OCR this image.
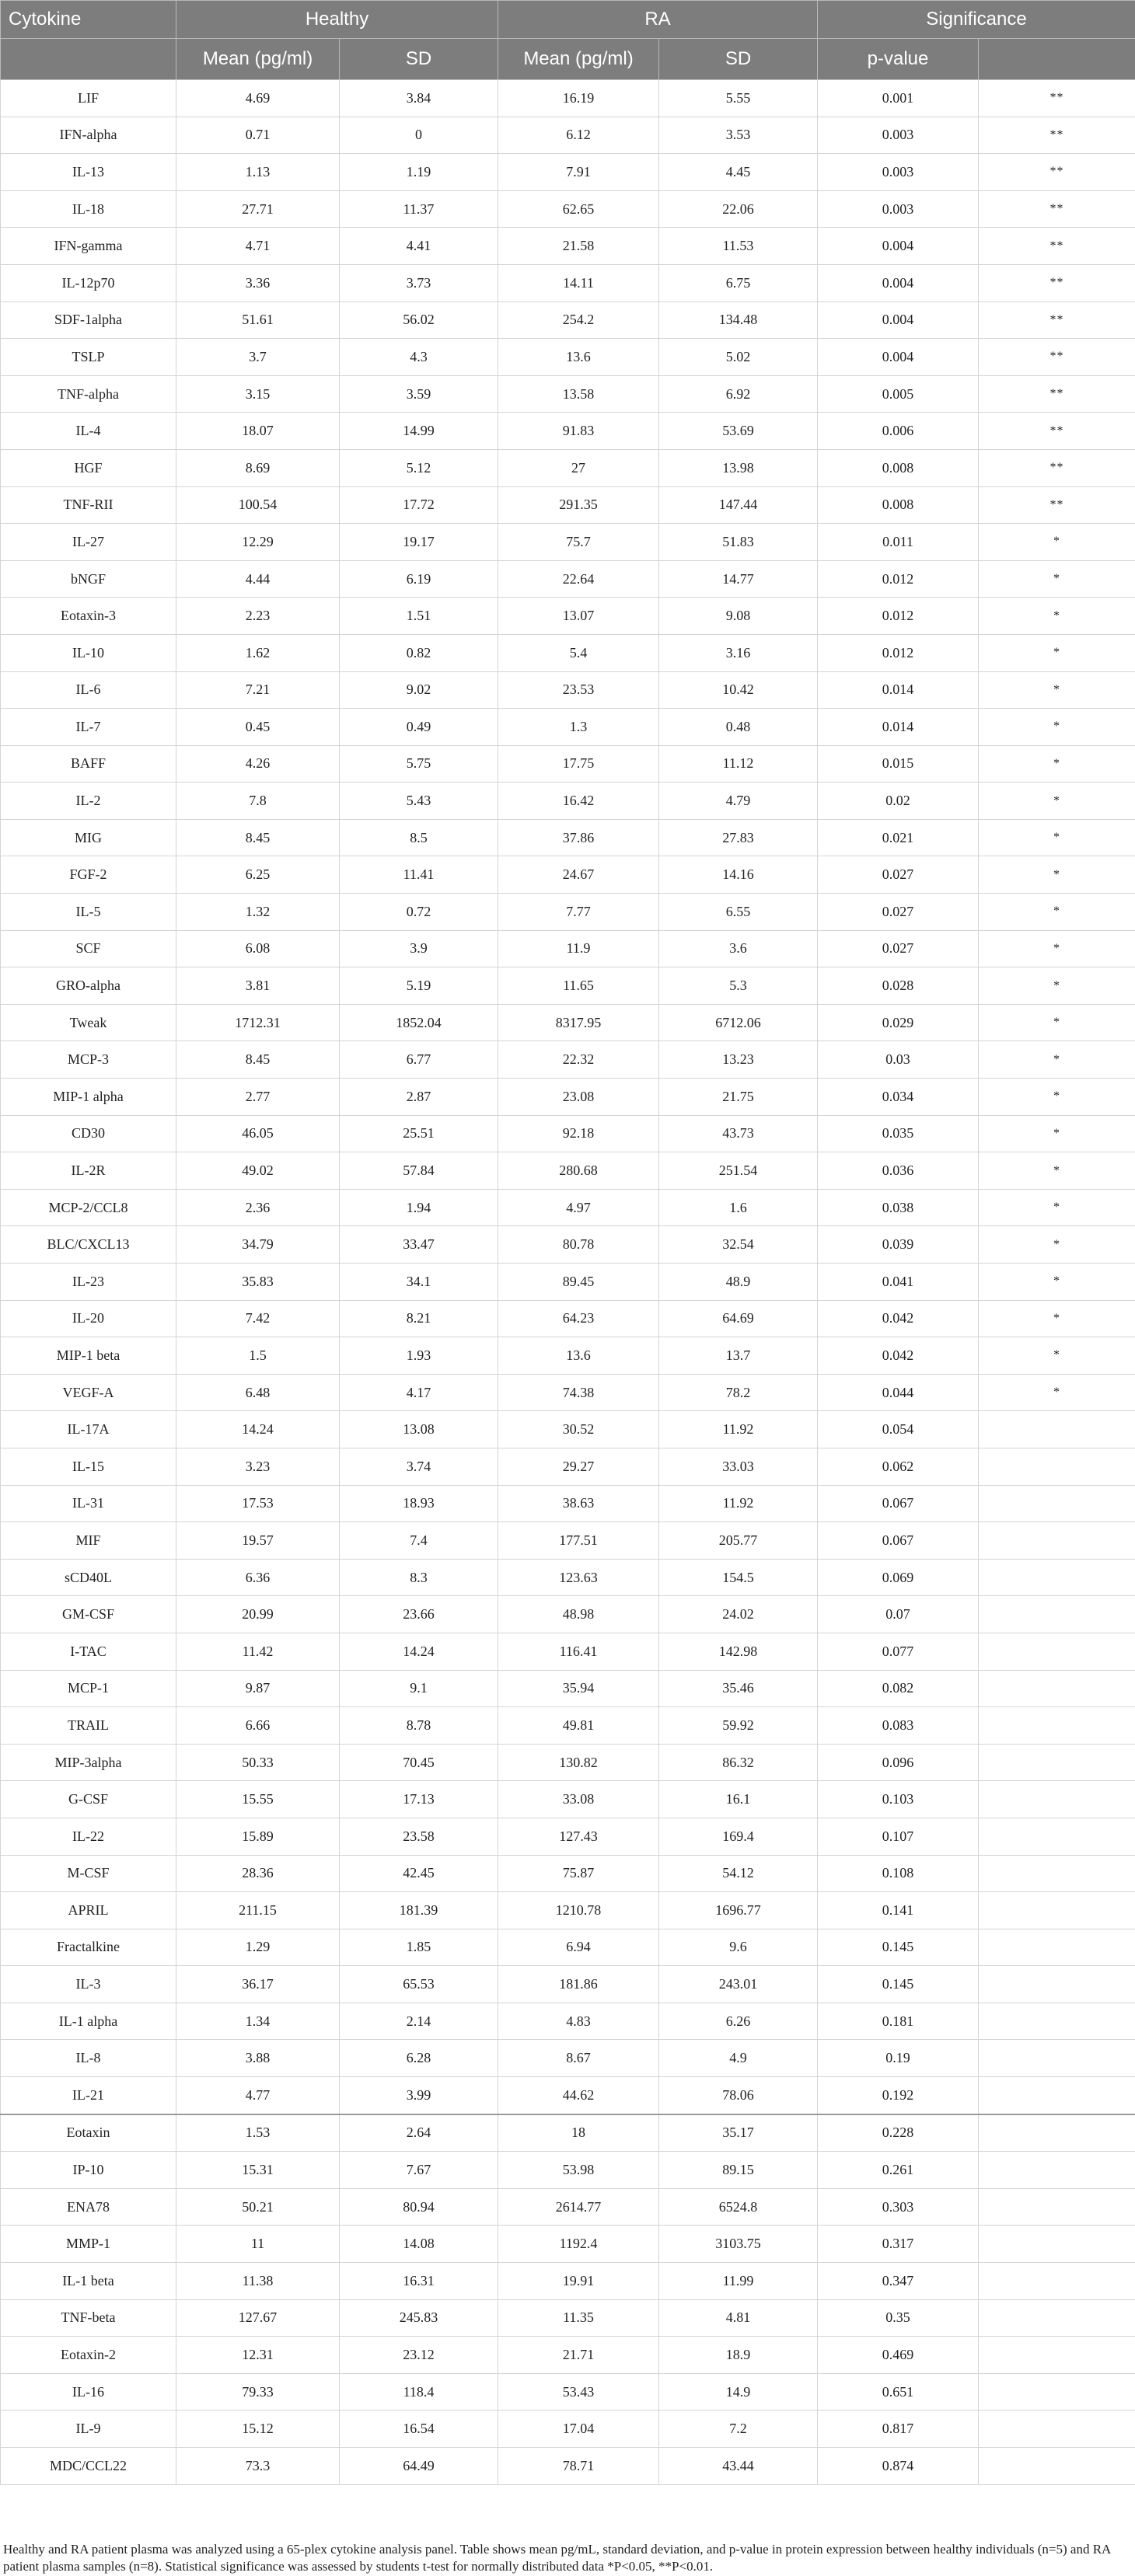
Cytokine	Healthy		RA		Significance	
	Mean (pg/ml)	SD	Mean (pg/ml)	SD	p-value	
LIF	4.69	3.84	16.19	5.55	0.001	**
IFN-alpha	0.71	0	6.12	3.53	0.003	**
IL-13	1.13	1.19	7.91	4.45	0.003	**
IL-18	27.71	11.37	62.65	22.06	0.003	**
IFN-gamma	4.71	4.41	21.58	11.53	0.004	**
IL-12p70	3.36	3.73	14.11	6.75	0.004	**
SDF-1alpha	51.61	56.02	254.2	134.48	0.004	**
TSLP	3.7	4.3	13.6	5.02	0.004	**
TNF-alpha	3.15	3.59	13.58	6.92	0.005	**
IL-4	18.07	14.99	91.83	53.69	0.006	**
HGF	8.69	5.12	27	13.98	0.008	**
TNF-RII	100.54	17.72	291.35	147.44	0.008	**
IL-27	12.29	19.17	75.7	51.83	0.011	*
bNGF	4.44	6.19	22.64	14.77	0.012	*
Eotaxin-3	2.23	1.51	13.07	9.08	0.012	*
IL-10	1.62	0.82	5.4	3.16	0.012	*
IL-6	7.21	9.02	23.53	10.42	0.014	*
IL-7	0.45	0.49	1.3	0.48	0.014	*
BAFF	4.26	5.75	17.75	11.12	0.015	*
IL-2	7.8	5.43	16.42	4.79	0.02	*
MIG	8.45	8.5	37.86	27.83	0.021	*
FGF-2	6.25	11.41	24.67	14.16	0.027	*
IL-5	1.32	0.72	7.77	6.55	0.027	*
SCF	6.08	3.9	11.9	3.6	0.027	*
GRO-alpha	3.81	5.19	11.65	5.3	0.028	*
Tweak	1712.31	1852.04	8317.95	6712.06	0.029	*
MCP-3	8.45	6.77	22.32	13.23	0.03	*
MIP-1 alpha	2.77	2.87	23.08	21.75	0.034	*
CD30	46.05	25.51	92.18	43.73	0.035	*
IL-2R	49.02	57.84	280.68	251.54	0.036	*
MCP-2/CCL8	2.36	1.94	4.97	1.6	0.038	*
BLC/CXCL13	34.79	33.47	80.78	32.54	0.039	*
IL-23	35.83	34.1	89.45	48.9	0.041	*
IL-20	7.42	8.21	64.23	64.69	0.042	*
MIP-1 beta	1.5	1.93	13.6	13.7	0.042	*
VEGF-A	6.48	4.17	74.38	78.2	0.044	*
IL-17A	14.24	13.08	30.52	11.92	0.054	
IL-15	3.23	3.74	29.27	33.03	0.062	
IL-31	17.53	18.93	38.63	11.92	0.067	
MIF	19.57	7.4	177.51	205.77	0.067	
sCD40L	6.36	8.3	123.63	154.5	0.069	
GM-CSF	20.99	23.66	48.98	24.02	0.07	
I-TAC	11.42	14.24	116.41	142.98	0.077	
MCP-1	9.87	9.1	35.94	35.46	0.082	
TRAIL	6.66	8.78	49.81	59.92	0.083	
MIP-3alpha	50.33	70.45	130.82	86.32	0.096	
G-CSF	15.55	17.13	33.08	16.1	0.103	
IL-22	15.89	23.58	127.43	169.4	0.107	
M-CSF	28.36	42.45	75.87	54.12	0.108	
APRIL	211.15	181.39	1210.78	1696.77	0.141	
Fractalkine	1.29	1.85	6.94	9.6	0.145	
IL-3	36.17	65.53	181.86	243.01	0.145	
IL-1 alpha	1.34	2.14	4.83	6.26	0.181	
IL-8	3.88	6.28	8.67	4.9	0.19	
IL-21	4.77	3.99	44.62	78.06	0.192	
Eotaxin	1.53	2.64	18	35.17	0.228	
IP-10	15.31	7.67	53.98	89.15	0.261	
ENA78	50.21	80.94	2614.77	6524.8	0.303	
MMP-1	11	14.08	1192.4	3103.75	0.317	
IL-1 beta	11.38	16.31	19.91	11.99	0.347	
TNF-beta	127.67	245.83	11.35	4.81	0.35	
Eotaxin-2	12.31	23.12	21.71	18.9	0.469	
IL-16	79.33	118.4	53.43	14.9	0.651	
IL-9	15.12	16.54	17.04	7.2	0.817	
MDC/CCL22	73.3	64.49	78.71	43.44	0.874	
Healthy and RA patient plasma was analyzed using a 65-plex cytokine analysis panel. Table shows mean pg/mL, standard deviation, and p-value in protein expression between healthy individuals (n=5) and RA patient plasma samples (n=8). Statistical significance was assessed by students t-test for normally distributed data *P<0.05, **P<0.01.
